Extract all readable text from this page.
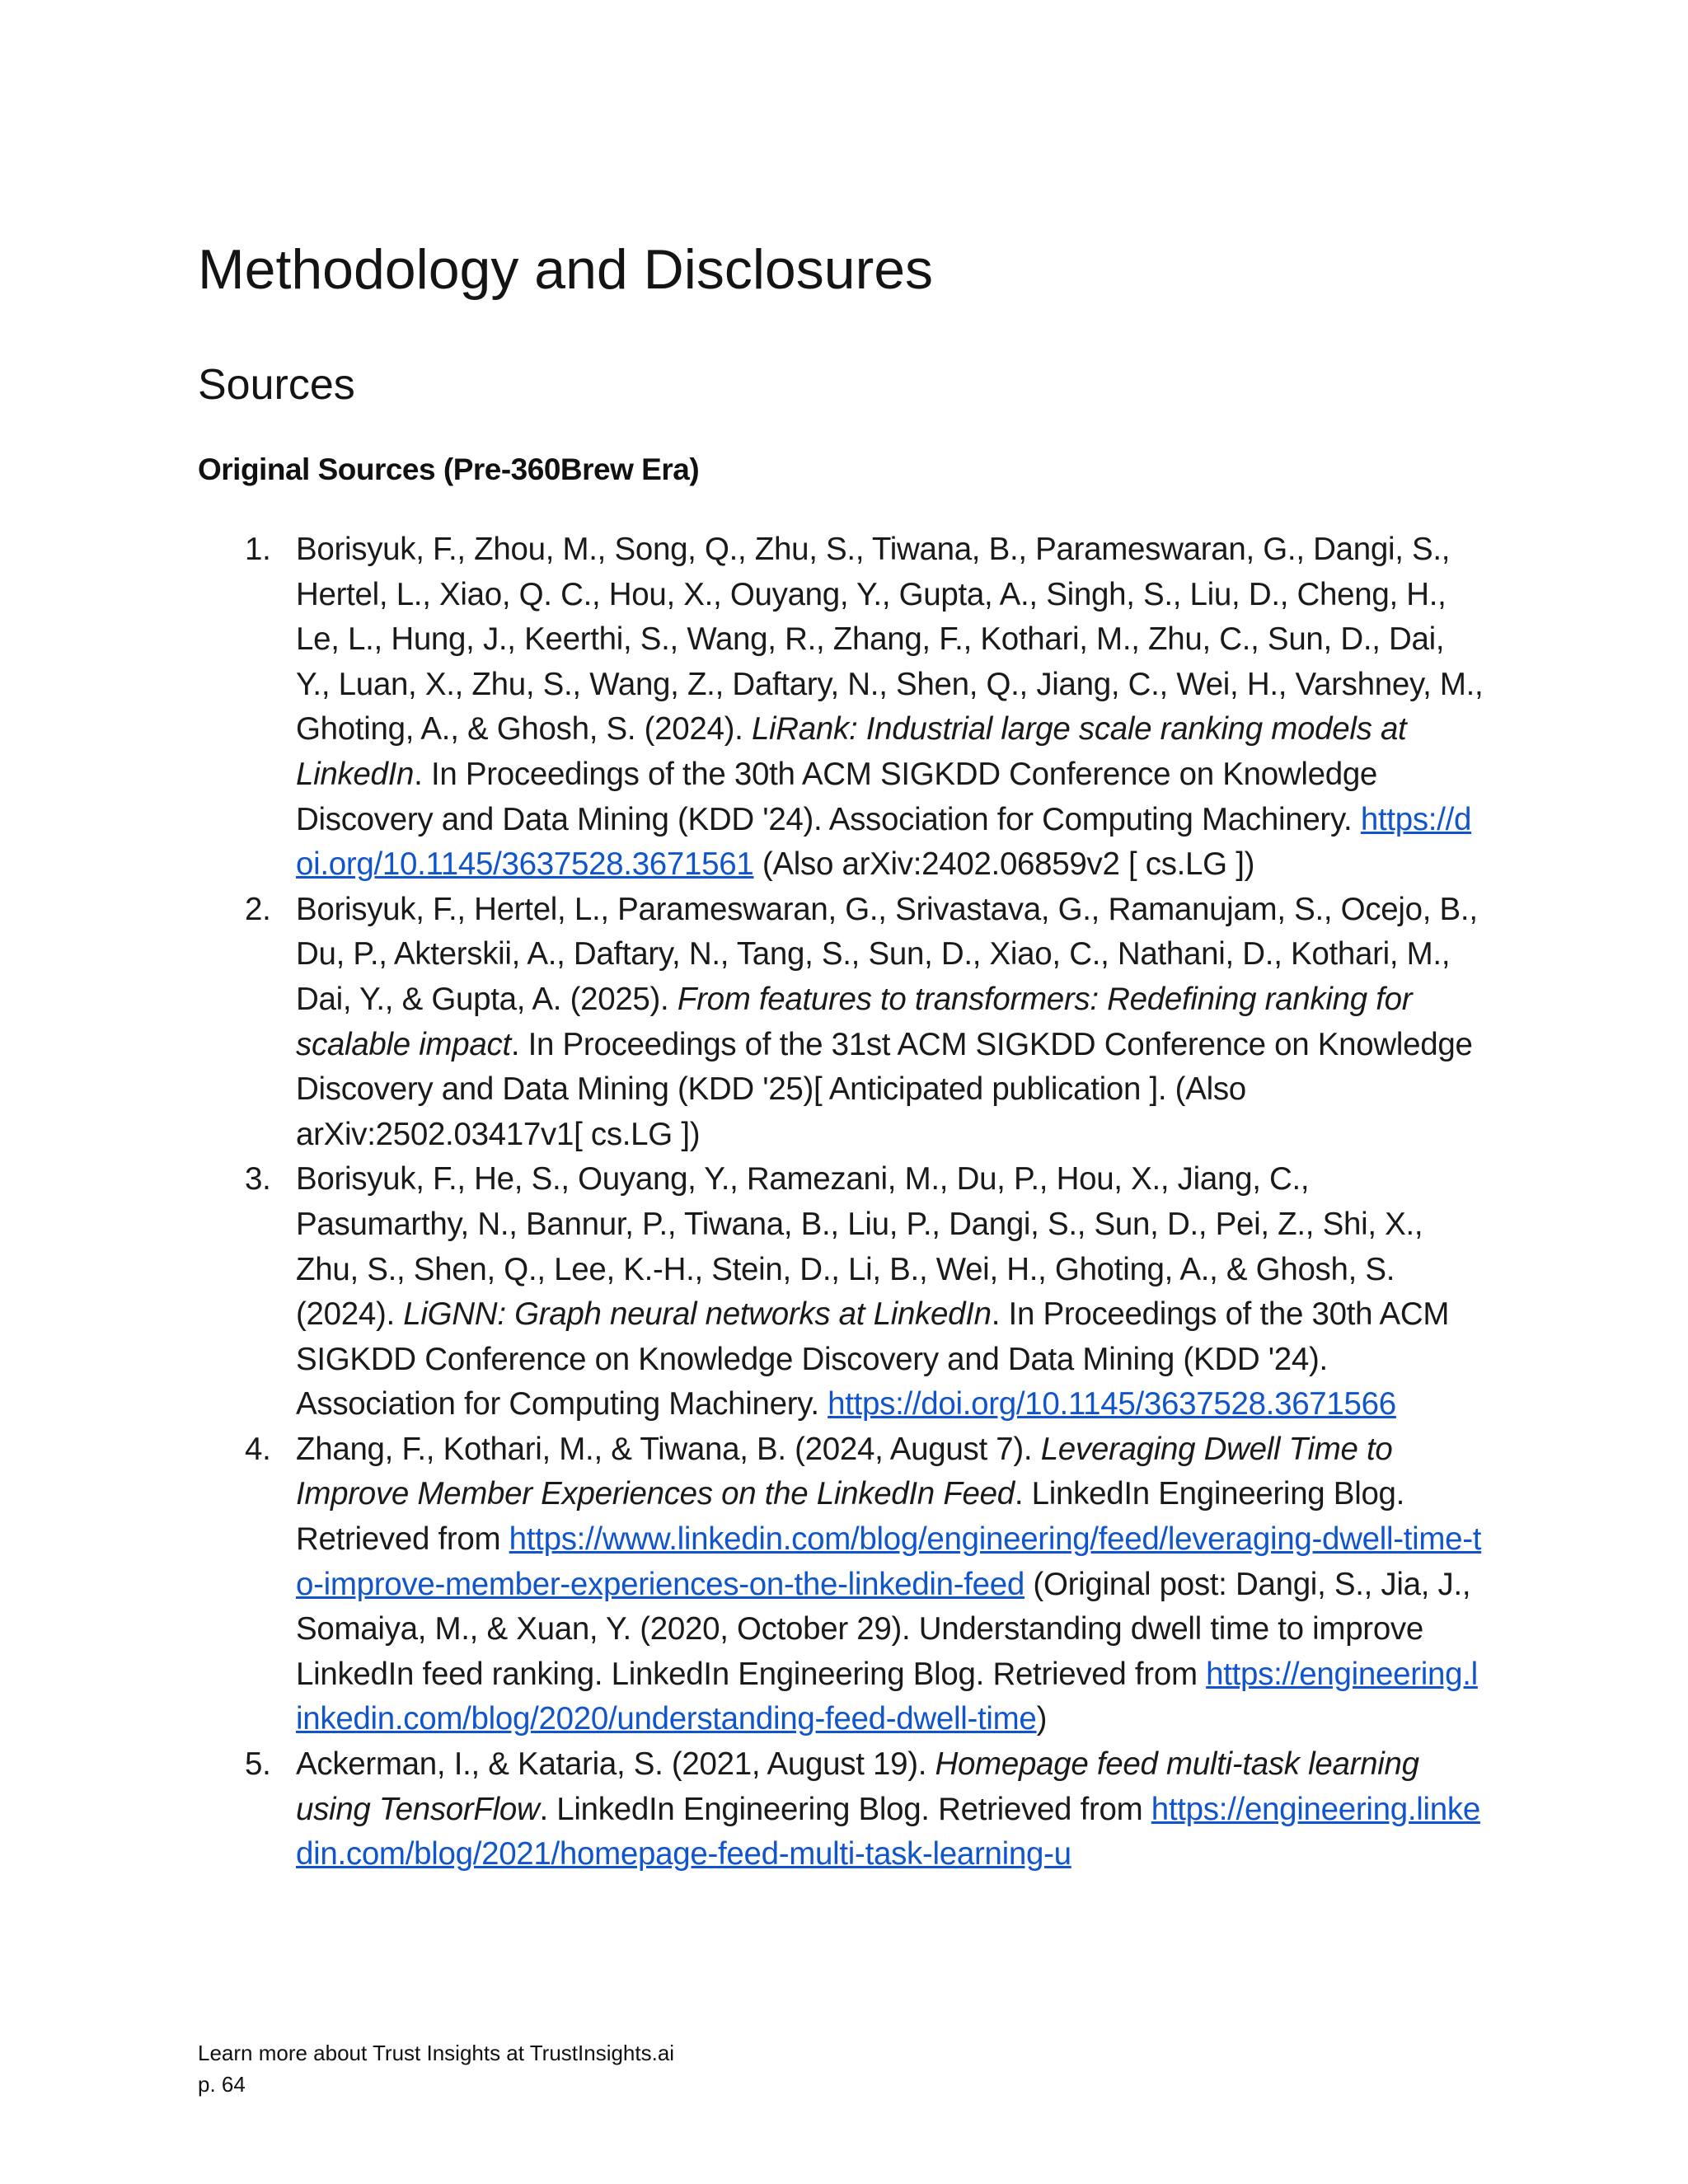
Methodology and Disclosures
Sources
Original Sources (Pre-360Brew Era)
1. Borisyuk, F., Zhou, M., Song, Q., Zhu, S., Tiwana, B., Parameswaran, G., Dangi, S., Hertel, L., Xiao, Q. C., Hou, X., Ouyang, Y., Gupta, A., Singh, S., Liu, D., Cheng, H., Le, L., Hung, J., Keerthi, S., Wang, R., Zhang, F., Kothari, M., Zhu, C., Sun, D., Dai, Y., Luan, X., Zhu, S., Wang, Z., Daftary, N., Shen, Q., Jiang, C., Wei, H., Varshney, M., Ghoting, A., & Ghosh, S. (2024). LiRank: Industrial large scale ranking models at LinkedIn. In Proceedings of the 30th ACM SIGKDD Conference on Knowledge Discovery and Data Mining (KDD '24). Association for Computing Machinery. https://doi.org/10.1145/3637528.3671561 (Also arXiv:2402.06859v2 [ cs.LG ])
2. Borisyuk, F., Hertel, L., Parameswaran, G., Srivastava, G., Ramanujam, S., Ocejo, B., Du, P., Akterskii, A., Daftary, N., Tang, S., Sun, D., Xiao, C., Nathani, D., Kothari, M., Dai, Y., & Gupta, A. (2025). From features to transformers: Redefining ranking for scalable impact. In Proceedings of the 31st ACM SIGKDD Conference on Knowledge Discovery and Data Mining (KDD '25)[ Anticipated publication ]. (Also arXiv:2502.03417v1[ cs.LG ])
3. Borisyuk, F., He, S., Ouyang, Y., Ramezani, M., Du, P., Hou, X., Jiang, C., Pasumarthy, N., Bannur, P., Tiwana, B., Liu, P., Dangi, S., Sun, D., Pei, Z., Shi, X., Zhu, S., Shen, Q., Lee, K.-H., Stein, D., Li, B., Wei, H., Ghoting, A., & Ghosh, S. (2024). LiGNN: Graph neural networks at LinkedIn. In Proceedings of the 30th ACM SIGKDD Conference on Knowledge Discovery and Data Mining (KDD '24). Association for Computing Machinery. https://doi.org/10.1145/3637528.3671566
4. Zhang, F., Kothari, M., & Tiwana, B. (2024, August 7). Leveraging Dwell Time to Improve Member Experiences on the LinkedIn Feed. LinkedIn Engineering Blog. Retrieved from https://www.linkedin.com/blog/engineering/feed/leveraging-dwell-time-to-improve-member-experiences-on-the-linkedin-feed (Original post: Dangi, S., Jia, J., Somaiya, M., & Xuan, Y. (2020, October 29). Understanding dwell time to improve LinkedIn feed ranking. LinkedIn Engineering Blog. Retrieved from https://engineering.linkedin.com/blog/2020/understanding-feed-dwell-time)
5. Ackerman, I., & Kataria, S. (2021, August 19). Homepage feed multi-task learning using TensorFlow. LinkedIn Engineering Blog. Retrieved from https://engineering.linkedin.com/blog/2021/homepage-feed-multi-task-learning-u
Learn more about Trust Insights at TrustInsights.ai
p. 64
